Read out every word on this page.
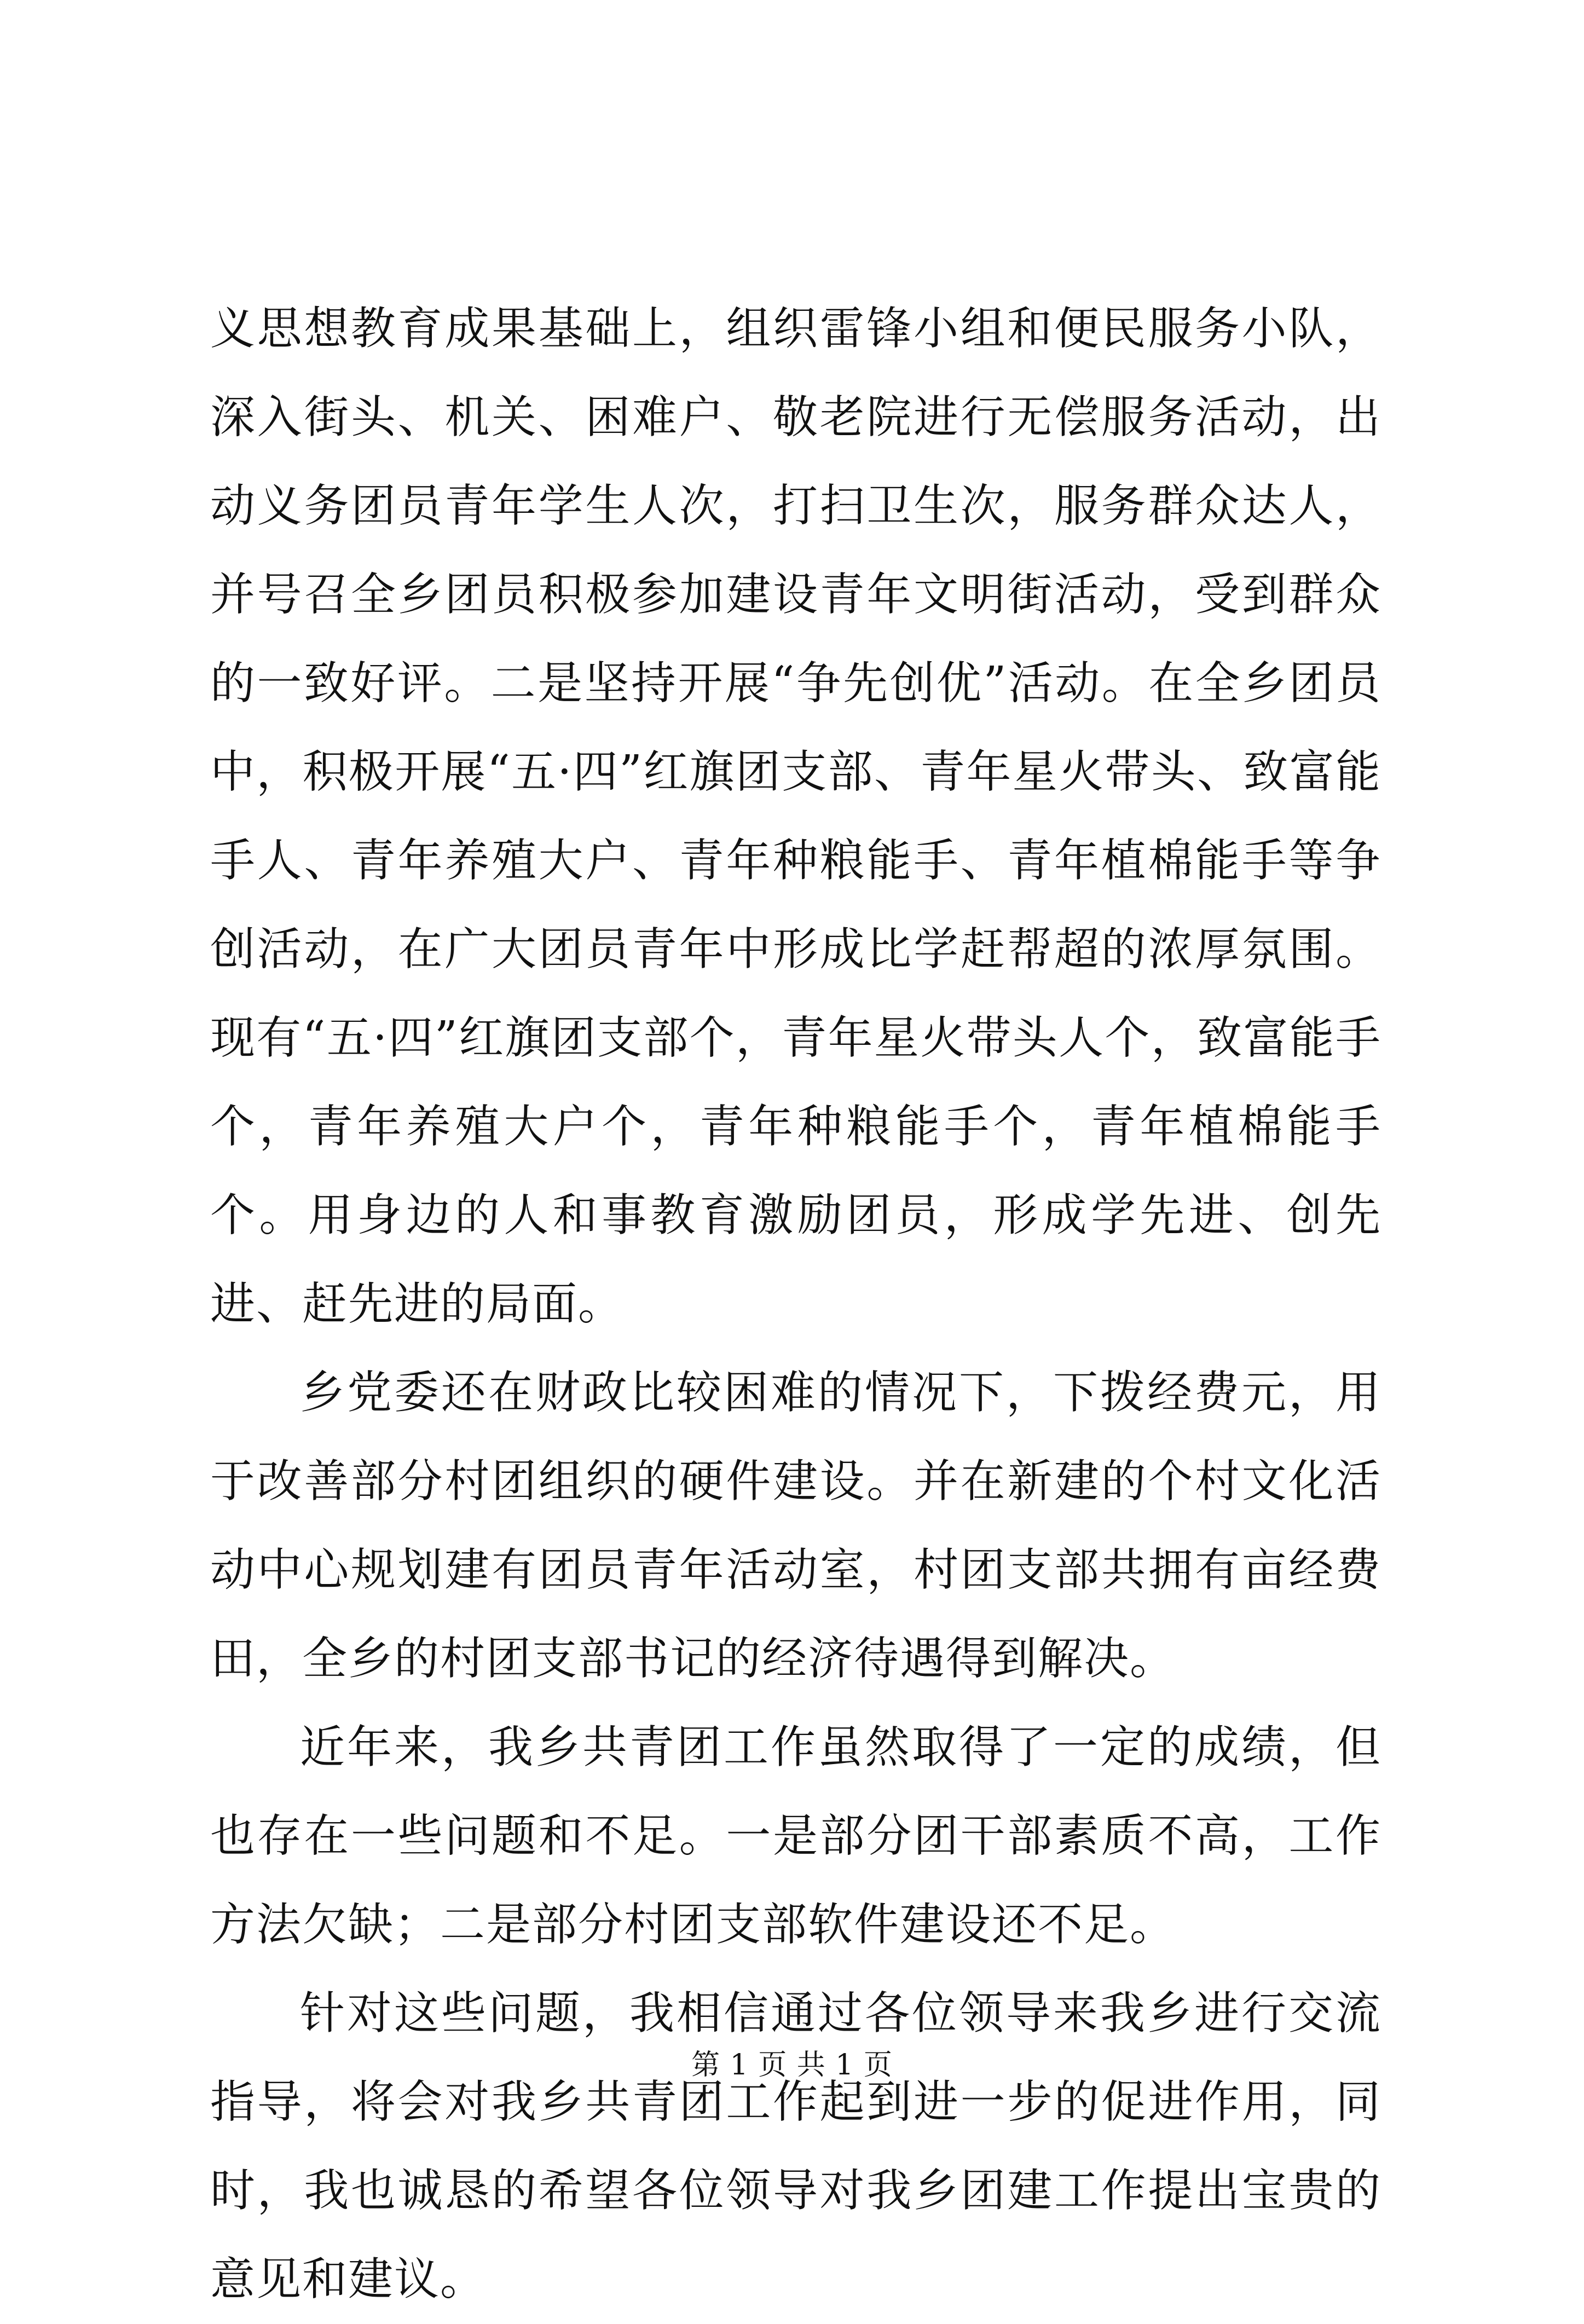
义思想教育成果基础上，组织雷锋小组和便民服务小队，深入街头、机关、困难户、敬老院进行无偿服务活动，出动义务团员青年学生人次，打扫卫生次，服务群众达人，并号召全乡团员积极参加建设青年文明街活动，受到群众的一致好评。二是坚持开展“争先创优”活动。在全乡团员中，积极开展“五·四”红旗团支部、青年星火带头、致富能手人、青年养殖大户、青年种粮能手、青年植棉能手等争创活动，在广大团员青年中形成比学赶帮超的浓厚氛围。现有“五·四”红旗团支部个，青年星火带头人个，致富能手个，青年养殖大户个，青年种粮能手个，青年植棉能手个。用身边的人和事教育激励团员，形成学先进、创先进、赶先进的局面。

乡党委还在财政比较困难的情况下，下拨经费元，用于改善部分村团组织的硬件建设。并在新建的个村文化活动中心规划建有团员青年活动室，村团支部共拥有亩经费田，全乡的村团支部书记的经济待遇得到解决。

近年来，我乡共青团工作虽然取得了一定的成绩，但也存在一些问题和不足。一是部分团干部素质不高，工作方法欠缺；二是部分村团支部软件建设还不足。

针对这些问题，我相信通过各位领导来我乡进行交流指导，将会对我乡共青团工作起到进一步的促进作用，同时，我也诚恳的希望各位领导对我乡团建工作提出宝贵的意见和建议。

第 1 页 共 1 页
